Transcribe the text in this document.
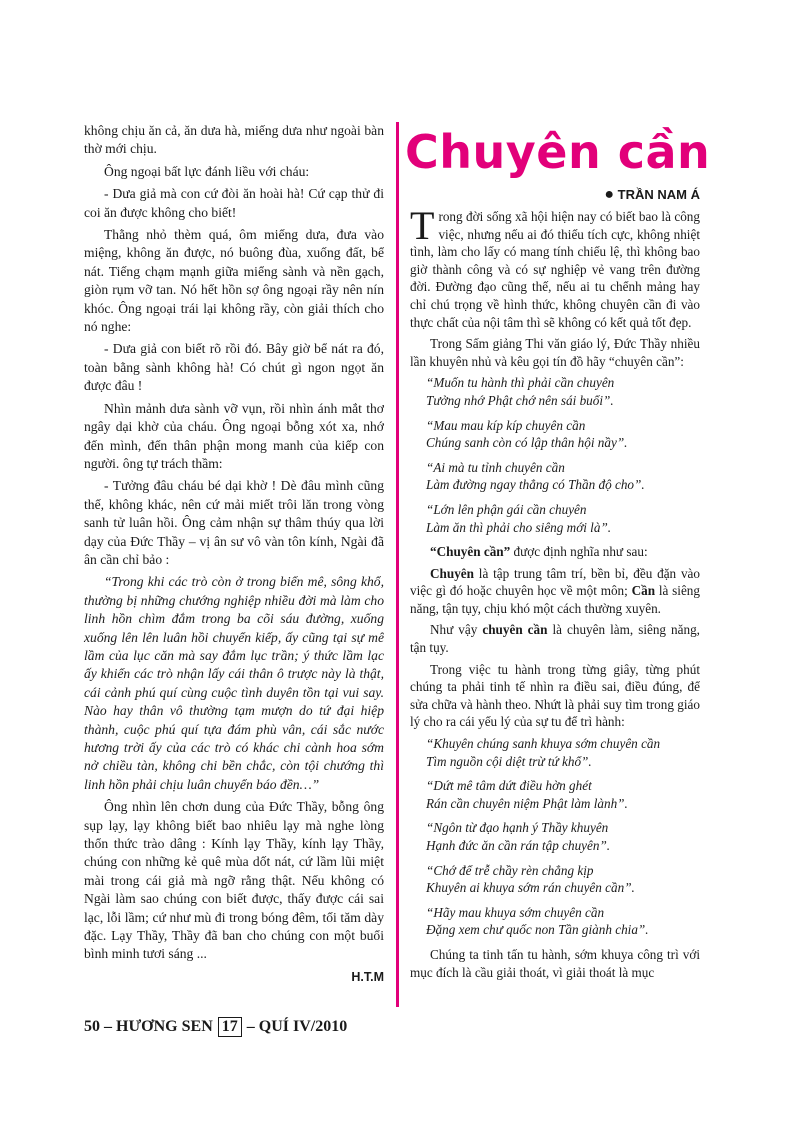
không chịu ăn cả, ăn dưa hà, miếng dưa như ngoài bàn thờ mới chịu.

Ông ngoại bất lực đánh liều với cháu:

- Dưa giả mà con cứ đòi ăn hoài hà! Cứ cạp thử đi coi ăn được không cho biết!

Thằng nhỏ thèm quá, ôm miếng dưa, đưa vào miệng, không ăn được, nó buông đùa, xuống đất, bể nát. Tiếng chạm mạnh giữa miểng sành và nền gạch, giòn rụm vỡ tan. Nó hết hồn sợ ông ngoại rầy nên nín khóc. Ông ngoại trái lại không rầy, còn giải thích cho nó nghe:

- Dưa giả con biết rõ rồi đó. Bây giờ bể nát ra đó, toàn bằng sành không hà! Có chút gì ngon ngọt ăn được đâu !

Nhìn mảnh dưa sành vỡ vụn, rồi nhìn ánh mắt thơ ngây dại khờ của cháu. Ông ngoại bỗng xót xa, nhớ đến mình, đến thân phận mong manh của kiếp con người. ông tự trách thầm:

- Tưởng đâu cháu bé dại khờ ! Dè đâu mình cũng thế, không khác, nên cứ mải miết trôi lăn trong vòng sanh tử luân hồi. Ông cảm nhận sự thâm thúy qua lời dạy của Đức Thầy – vị ân sư vô vàn tôn kính, Ngài đã ân cần chỉ bảo :

“Trong khi các trò còn ở trong biển mê, sông khổ, thường bị những chướng nghiệp nhiều đời mà làm cho linh hồn chìm đắm trong ba cõi sáu đường, xuống xuống lên lên luân hồi chuyển kiếp, ấy cũng tại sự mê lầm của lục căn mà say đắm lục trần; ý thức lầm lạc ấy khiến các trò nhận lấy cái thân ô trược này là thật, cái cảnh phú quí cùng cuộc tình duyên tồn tại vui say. Nào hay thân vô thường tạm mượn do tứ đại hiệp thành, cuộc phú quí tựa đám phù vân, cái sắc nước hương trời ấy của các trò có khác chi cành hoa sớm nở chiều tàn, không chi bền chắc, còn tội chướng thì linh hồn phải chịu luân chuyển báo đền…”

Ông nhìn lên chơn dung của Đức Thầy, bỗng ông sụp lạy, lạy không biết bao nhiêu lạy mà nghe lòng thổn thức trào dâng : Kính lạy Thầy, kính lạy Thầy, chúng con những kẻ quê mùa dốt nát, cứ lầm lũi miệt mài trong cái giả mà ngỡ rằng thật. Nếu không có Ngài làm sao chúng con biết được, thấy được cái sai lạc, lỗi lầm; cứ như mù đi trong bóng đêm, tối tăm dày đặc. Lạy Thầy, Thầy đã ban cho chúng con một buổi bình minh tươi sáng ...

H.T.M

Chuyên cần
● TRẦN NAM Á

Trong đời sống xã hội hiện nay có biết bao là công việc, nhưng nếu ai đó thiếu tích cực, không nhiệt tình, làm cho lấy có mang tính chiếu lệ, thì không bao giờ thành công và có sự nghiệp vẻ vang trên đường đời. Đường đạo cũng thế, nếu ai tu chểnh mảng hay chỉ chú trọng về hình thức, không chuyên cần đi vào thực chất của nội tâm thì sẽ không có kết quả tốt đẹp.

Trong Sấm giảng Thi văn giáo lý, Đức Thầy nhiều lần khuyên nhủ và kêu gọi tín đồ hãy “chuyên cần”:

“Muốn tu hành thì phải cần chuyên
Tưởng nhớ Phật chớ nên sái buổi”.

“Mau mau kíp kíp chuyên cần
Chúng sanh còn có lập thân hội nầy”.

“Ai mà tu tỉnh chuyên cần
Làm đường ngay thẳng có Thần độ cho”.

“Lớn lên phận gái cần chuyên
Làm ăn thì phải cho siêng mới là”.

“Chuyên cần” được định nghĩa như sau:

Chuyên là tập trung tâm trí, bền bỉ, đều đặn vào việc gì đó hoặc chuyên học về một môn; Cần là siêng năng, tận tụy, chịu khó một cách thường xuyên.

Như vậy chuyên cần là chuyên làm, siêng năng, tận tụy.

Trong việc tu hành trong từng giây, từng phút chúng ta phải tinh tế nhìn ra điều sai, điều đúng, để sửa chữa và hành theo. Nhứt là phải suy tìm trong giáo lý cho ra cái yếu lý của sự tu để trì hành:

“Khuyên chúng sanh khuya sớm chuyên cần
Tìm nguồn cội diệt trừ tứ khổ”.

“Dứt mê tâm dứt điều hờn ghét
Rán cần chuyên niệm Phật làm lành”.

“Ngôn từ đạo hạnh ý Thầy khuyên
Hạnh đức ăn cần rán tập chuyên”.

“Chớ để trễ chầy rèn chẳng kịp
Khuyên ai khuya sớm rán chuyên cần”.

“Hãy mau khuya sớm chuyên cần
Đặng xem chư quốc non Tần giành chia”.

Chúng ta tinh tấn tu hành, sớm khuya công trì với mục đích là cầu giải thoát, vì giải thoát là mục

50 – HƯƠNG SEN 17 – QUÍ IV/2010
